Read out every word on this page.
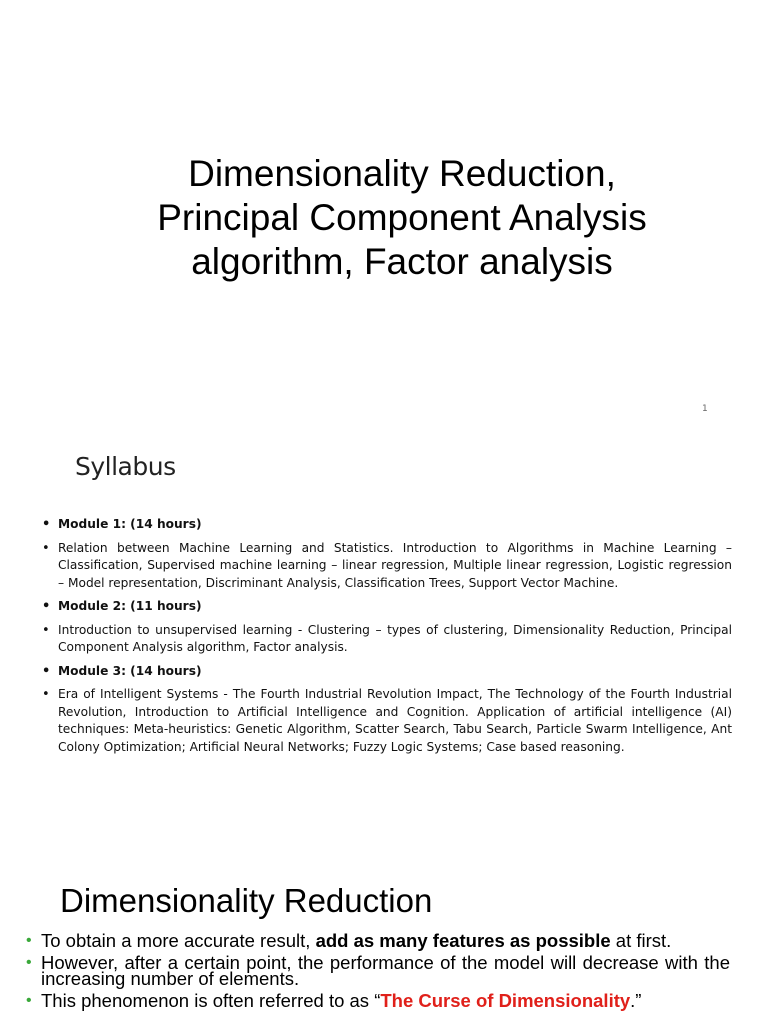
Dimensionality Reduction,
Principal Component Analysis
algorithm, Factor analysis
1
Syllabus
• Module 1: (14 hours)
• Relation between Machine Learning and Statistics. Introduction to Algorithms in Machine Learning – Classification, Supervised machine learning – linear regression, Multiple linear regression, Logistic regression – Model representation, Discriminant Analysis, Classification Trees, Support Vector Machine.
• Module 2: (11 hours)
• Introduction to unsupervised learning - Clustering – types of clustering, Dimensionality Reduction, Principal Component Analysis algorithm, Factor analysis.
• Module 3: (14 hours)
• Era of Intelligent Systems - The Fourth Industrial Revolution Impact, The Technology of the Fourth Industrial Revolution, Introduction to Artificial Intelligence and Cognition. Application of artificial intelligence (AI) techniques: Meta-heuristics: Genetic Algorithm, Scatter Search, Tabu Search, Particle Swarm Intelligence, Ant Colony Optimization; Artificial Neural Networks; Fuzzy Logic Systems; Case based reasoning.
Dimensionality Reduction
• To obtain a more accurate result, add as many features as possible at first.
• However, after a certain point, the performance of the model will decrease with the increasing number of elements.
• This phenomenon is often referred to as “The Curse of Dimensionality.”
